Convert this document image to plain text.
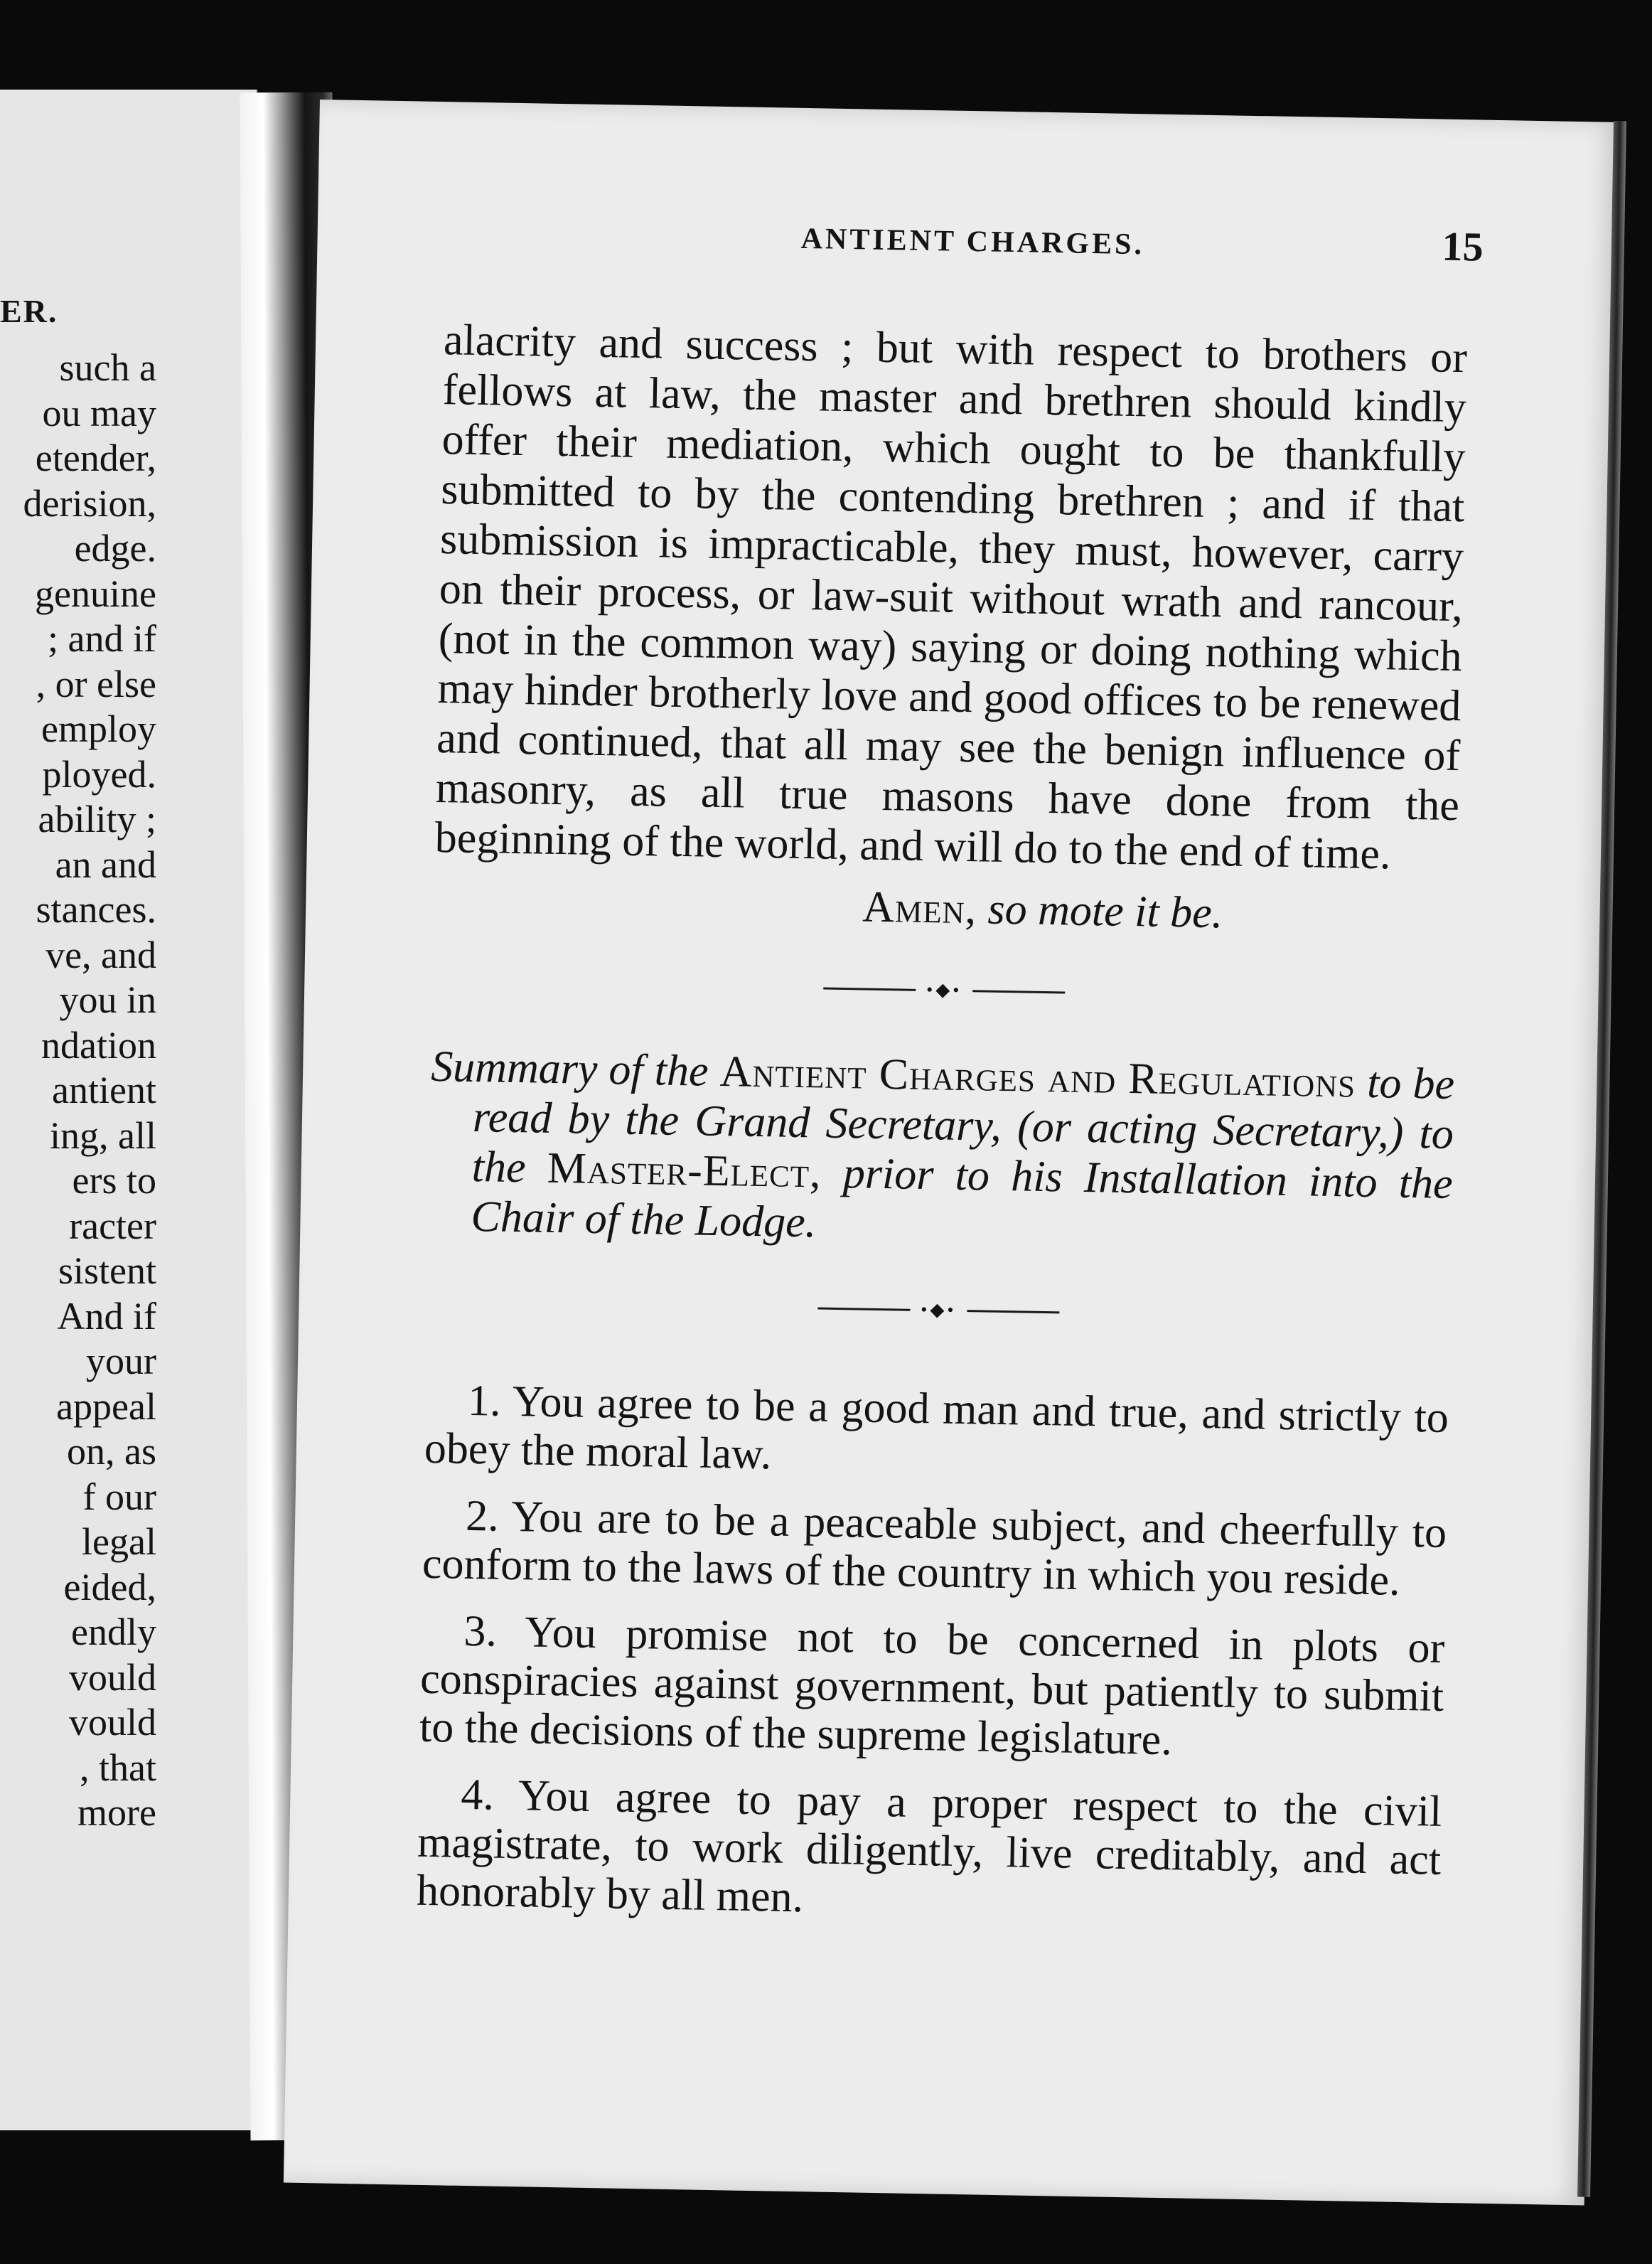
ER.
such a
ou may
etender,
derision,
edge.
genuine
; and if
, or else
employ
ployed.
ability ;
an and
stances.
ve, and
you in
ndation
antient
ing, all
ers to
racter
sistent
And if
your
appeal
on, as
f our
legal
eided,
endly
vould
vould
, that
more
ANTIENT CHARGES.	15

alacrity and success ; but with respect to brothers or fellows at law, the master and brethren should kindly offer their mediation, which ought to be thankfully submitted to by the contending brethren ; and if that submission is impracticable, they must, however, carry on their process, or law-suit without wrath and rancour, (not in the common way) saying or doing nothing which may hinder brotherly love and good offices to be renewed and continued, that all may see the benign influence of masonry, as all true masons have done from the beginning of the world, and will do to the end of time.

Amen, so mote it be.
•◆•
Summary of the Antient Charges and Regulations to be read by the Grand Secretary, (or acting Secretary,) to the Master-Elect, prior to his Installation into the Chair of the Lodge.
•◆•

1. You agree to be a good man and true, and strictly to obey the moral law.

2. You are to be a peaceable subject, and cheerfully to conform to the laws of the country in which you reside.

3. You promise not to be concerned in plots or conspiracies against government, but patiently to submit to the decisions of the supreme legislature.

4. You agree to pay a proper respect to the civil magistrate, to work diligently, live creditably, and act honorably by all men.
